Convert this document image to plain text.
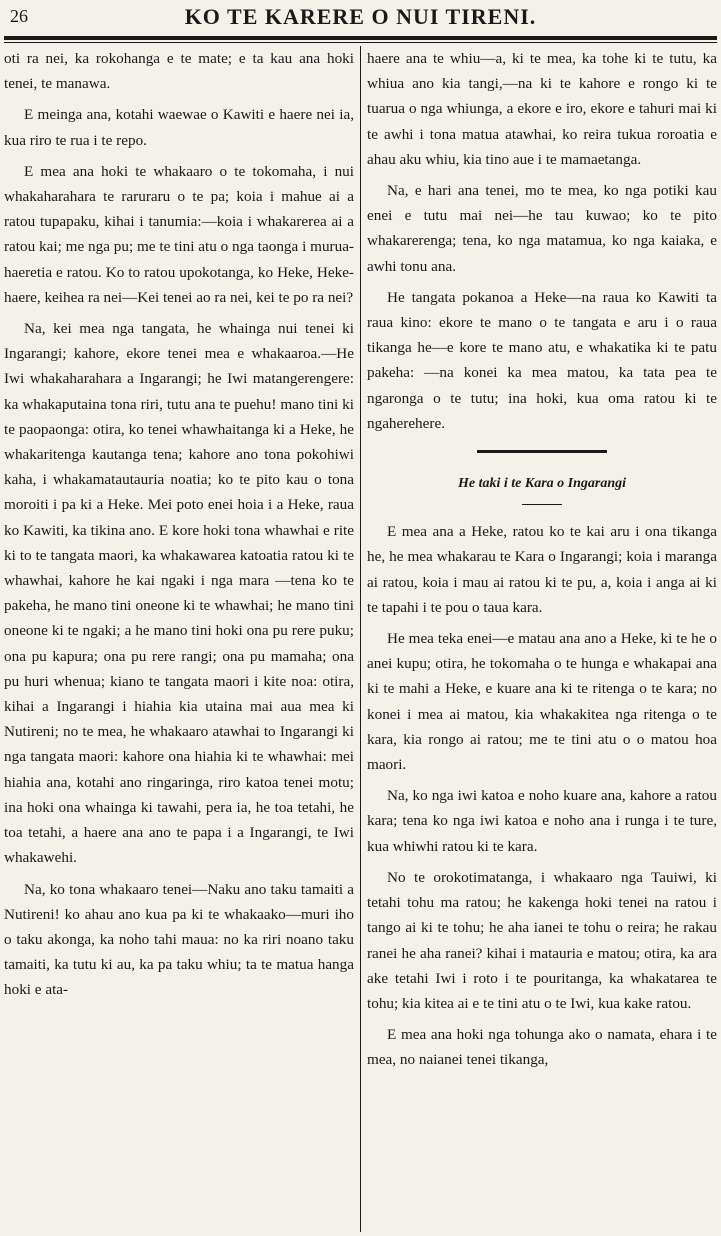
26	KO TE KARERE O NUI TIRENI.

oti ra nei, ka rokohanga e te mate; e ta kau ana hoki tenei, te manawa.

E meinga ana, kotahi waewae o Kawiti e haere nei ia, kua riro te rua i te repo.

E mea ana hoki te whakaaro o te tokomaha, i nui whakaharahara te raruraru o te pa; koia i mahue ai a ratou tupapaku, kihai i tanumia:—koia i whakarerea ai a ratou kai; me nga pu; me te tini atu o nga taonga i murua-haeretia e ratou. Ko to ratou upokotanga, ko Heke, Heke-haere, keihea ra nei—Kei tenei ao ra nei, kei te po ra nei?

Na, kei mea nga tangata, he whainga nui tenei ki Ingarangi; kahore, ekore tenei mea e whakaaroa.—He Iwi whakaharahara a Ingarangi; he Iwi matangerengere: ka whakaputaina tona riri, tutu ana te puehu! mano tini ki te paopaonga: otira, ko tenei whawhaitanga ki a Heke, he whakaritenga kautanga tena; kahore ano tona pokohiwi kaha, i whakamatautauria noatia; ko te pito kau o tona moroiti i pa ki a Heke. Mei poto enei hoia i a Heke, raua ko Kawiti, ka tikina ano. E kore hoki tona whawhai e rite ki to te tangata maori, ka whakawarea katoatia ratou ki te whawhai, kahore he kai ngaki i nga mara —tena ko te pakeha, he mano tini oneone ki te whawhai; he mano tini oneone ki te ngaki; a he mano tini hoki ona pu rere puku; ona pu kapura; ona pu rere rangi; ona pu mamaha; ona pu huri whenua; kiano te tangata maori i kite noa: otira, kihai a Ingarangi i hiahia kia utaina mai aua mea ki Nutireni; no te mea, he whakaaro atawhai to Ingarangi ki nga tangata maori: kahore ona hiahia ki te whawhai: mei hiahia ana, kotahi ano ringaringa, riro katoa tenei motu; ina hoki ona whainga ki tawahi, pera ia, he toa tetahi, he toa tetahi, a haere ana ano te papa i a Ingarangi, te Iwi whakawehi.

Na, ko tona whakaaro tenei—Naku ano taku tamaiti a Nutireni! ko ahau ano kua pa ki te whakaako—muri iho o taku akonga, ka noho tahi maua: no ka riri noano taku tamaiti, ka tutu ki au, ka pa taku whiu; ta te matua hanga hoki e ata-

haere ana te whiu—a, ki te mea, ka tohe ki te tutu, ka whiua ano kia tangi,—na ki te kahore e rongo ki te tuarua o nga whiunga, a ekore e iro, ekore e tahuri mai ki te awhi i tona matua atawhai, ko reira tukua roroatia e ahau aku whiu, kia tino aue i te mamaetanga.

Na, e hari ana tenei, mo te mea, ko nga potiki kau enei e tutu mai nei—he tau kuwao; ko te pito whakarerenga; tena, ko nga matamua, ko nga kaiaka, e awhi tonu ana.

He tangata pokanoa a Heke—na raua ko Kawiti ta raua kino: ekore te mano o te tangata e aru i o raua tikanga he—e kore te mano atu, e whakatika ki te patu pakeha: —na konei ka mea matou, ka tata pea te ngaronga o te tutu; ina hoki, kua oma ratou ki te ngaherehere.

He taki i te Kara o Ingarangi

E mea ana a Heke, ratou ko te kai aru i ona tikanga he, he mea whakarau te Kara o Ingarangi; koia i maranga ai ratou, koia i mau ai ratou ki te pu, a, koia i anga ai ki te tapahi i te pou o taua kara.

He mea teka enei—e matau ana ano a Heke, ki te he o anei kupu; otira, he tokomaha o te hunga e whakapai ana ki te mahi a Heke, e kuare ana ki te ritenga o te kara; no konei i mea ai matou, kia whakakitea nga ritenga o te kara, kia rongo ai ratou; me te tini atu o o matou hoa maori.

Na, ko nga iwi katoa e noho kuare ana, kahore a ratou kara; tena ko nga iwi katoa e noho ana i runga i te ture, kua whiwhi ratou ki te kara.

No te orokotimatanga, i whakaaro nga Tauiwi, ki tetahi tohu ma ratou; he kakenga hoki tenei na ratou i tango ai ki te tohu; he aha ianei te tohu o reira; he rakau ranei he aha ranei? kihai i matauria e matou; otira, ka ara ake tetahi Iwi i roto i te pouritanga, ka whakatarea te tohu; kia kitea ai e te tini atu o te Iwi, kua kake ratou.

E mea ana hoki nga tohunga ako o namata, ehara i te mea, no naianei tenei tikanga,
